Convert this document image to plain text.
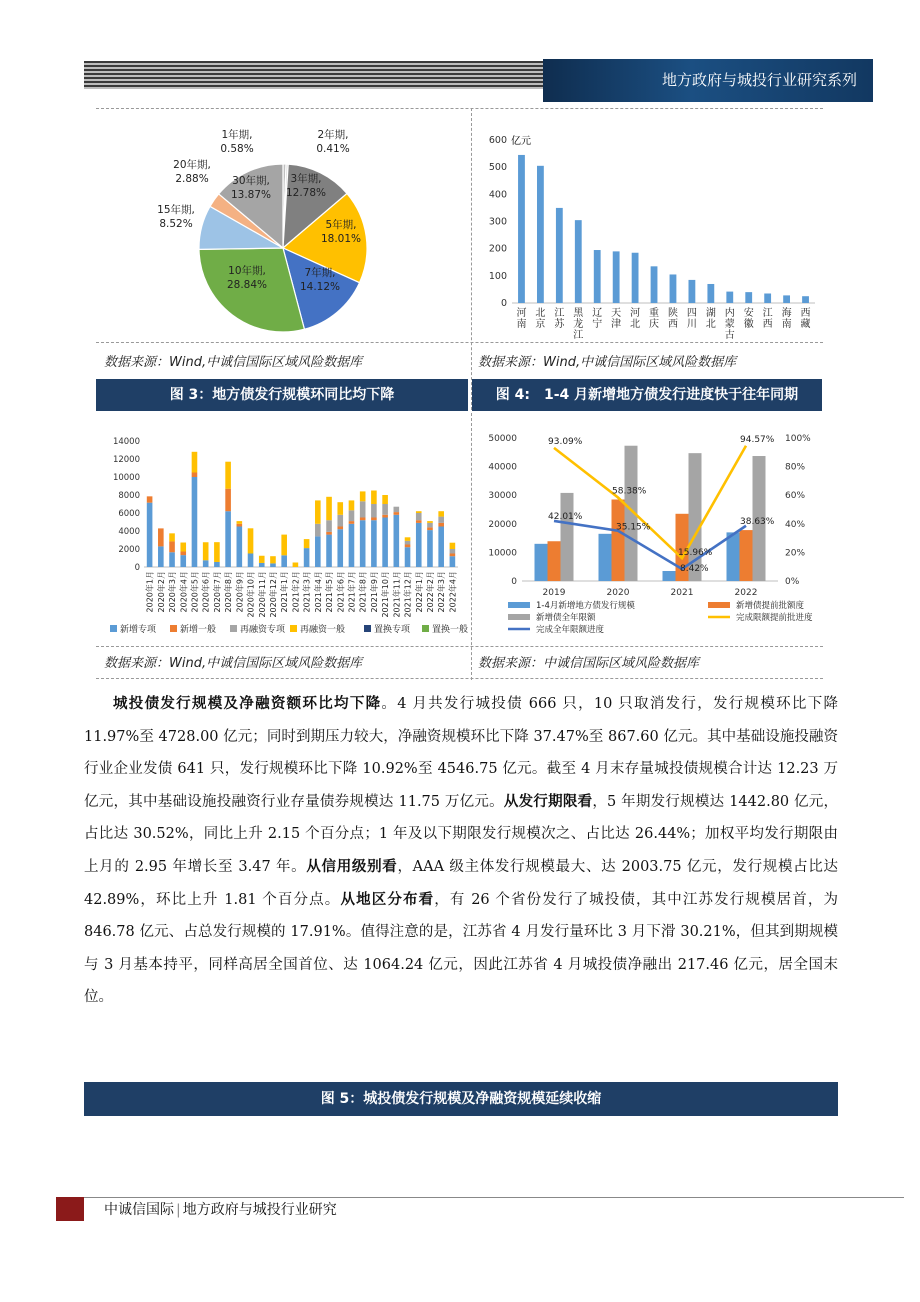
地方政府与城投行业研究系列
1年期, 0.58%
2年期, 0.41%
3年期, 12.78%
5年期, 18.01%
7年期, 14.12%
10年期, 28.84%
15年期, 8.52%
20年期, 2.88% 30年期, 13.87%
亿元
0
100
200
300
400
500
600
河南
北京
江苏
黑龙江
辽宁
天津
河北
重庆
陕西
四川
湖北
内蒙古
安徽
江西
海南
西藏
数据来源：Wind,中诚信国际区域风险数据库	数据来源：Wind,中诚信国际区域风险数据库
图 3：地方债发行规模环同比均下降	图 4:　1-4 月新增地方债发行进度快于往年同期
0
2000
4000
6000
8000
10000
12000
14000
2020年1月 2020年2月 2020年3月 2020年4月 2020年5月 2020年6月 2020年7月 2020年8月 2020年9月 2020年10月 2020年11月 2020年12月 2021年1月 2021年2月 2021年3月 2021年4月 2021年5月 2021年6月 2021年7月 2021年8月 2021年9月 2021年10月 2021年11月 2021年12月 2022年1月 2022年2月 2022年3月 2022年4月
新增专项	新增一般	再融资专项 再融资一般	置换专项 置换一般
0
10000
20000
30000
40000
50000
0%
20%
40%
60%
80%
100%
2019	2020	2021	2022
93.09%
58.38%
15.96%
94.57%
42.01%
35.15%
8.42%
38.63%
1-4月新增地方债发行规模	新增债提前批额度
新增债全年限额	完成限额提前批进度
完成全年限额进度
数据来源：Wind,中诚信国际区域风险数据库	数据来源：中诚信国际区域风险数据库

城投债发行规模及净融资额环比均下降。4 月共发行城投债 666 只，10 只取消发行，发行规模环比下降 11.97%至 4728.00 亿元；同时到期压力较大，净融资规模环比下降 37.47%至 867.60 亿元。其中基础设施投融资行业企业发债 641 只，发行规模环比下降 10.92%至 4546.75 亿元。截至 4 月末存量城投债规模合计达 12.23 万亿元，其中基础设施投融资行业存量债券规模达 11.75 万亿元。从发行期限看，5 年期发行规模达 1442.80 亿元，占比达 30.52%，同比上升 2.15 个百分点；1 年及以下期限发行规模次之、占比达 26.44%；加权平均发行期限由上月的 2.95 年增长至 3.47 年。从信用级别看，AAA 级主体发行规模最大、达 2003.75 亿元，发行规模占比达 42.89%，环比上升 1.81 个百分点。从地区分布看，有 26 个省份发行了城投债，其中江苏发行规模居首，为 846.78 亿元、占总发行规模的 17.91%。值得注意的是，江苏省 4 月发行量环比 3 月下滑 30.21%，但其到期规模与 3 月基本持平，同样高居全国首位、达 1064.24 亿元，因此江苏省 4 月城投债净融出 217.46 亿元，居全国末位。

图 5：城投债发行规模及净融资规模延续收缩
中诚信国际 | 地方政府与城投行业研究
